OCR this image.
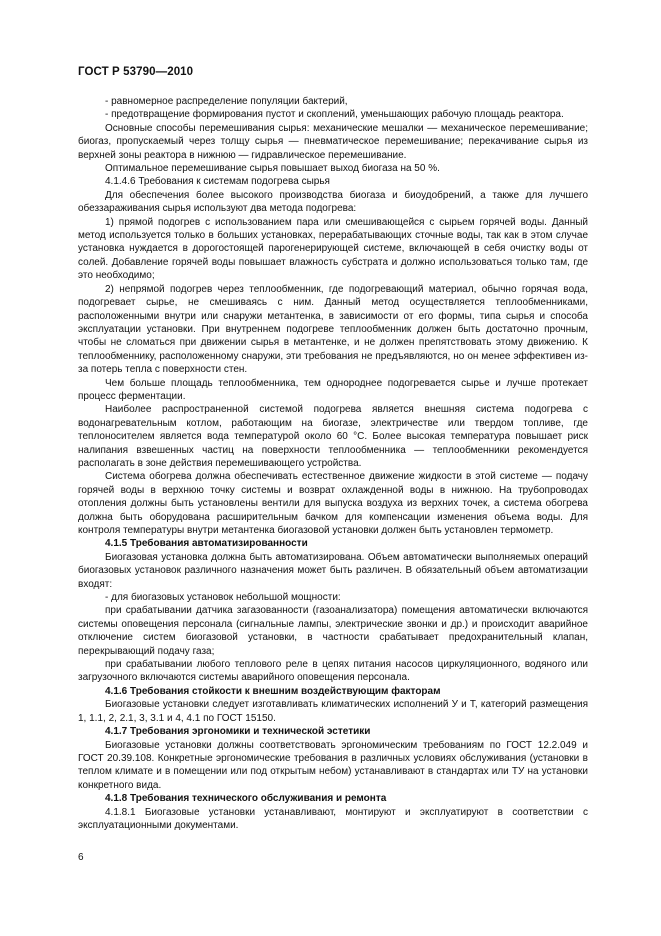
ГОСТ Р 53790—2010

- равномерное распределение популяции бактерий,

- предотвращение формирования пустот и скоплений, уменьшающих рабочую площадь реактора.

Основные способы перемешивания сырья: механические мешалки — механическое перемешивание; биогаз, пропускаемый через толщу сырья — пневматическое перемешивание; перекачивание сырья из верхней зоны реактора в нижнюю — гидравлическое перемешивание.

Оптимальное перемешивание сырья повышает выход биогаза на 50 %.

4.1.4.6 Требования к системам подогрева сырья

Для обеспечения более высокого производства биогаза и биоудобрений, а также для лучшего обеззараживания сырья используют два метода подогрева:

1) прямой подогрев с использованием пара или смешивающейся с сырьем горячей воды. Данный метод используется только в больших установках, перерабатывающих сточные воды, так как в этом случае установка нуждается в дорогостоящей парогенерирующей системе, включающей в себя очистку воды от солей. Добавление горячей воды повышает влажность субстрата и должно использоваться только там, где это необходимо;

2) непрямой подогрев через теплообменник, где подогревающий материал, обычно горячая вода, подогревает сырье, не смешиваясь с ним. Данный метод осуществляется теплообменниками, расположенными внутри или снаружи метантенка, в зависимости от его формы, типа сырья и способа эксплуатации установки. При внутреннем подогреве теплообменник должен быть достаточно прочным, чтобы не сломаться при движении сырья в метантенке, и не должен препятствовать этому движению. К теплообменнику, расположенному снаружи, эти требования не предъявляются, но он менее эффективен из-за потерь тепла с поверхности стен.

Чем больше площадь теплообменника, тем однороднее подогревается сырье и лучше протекает процесс ферментации.

Наиболее распространенной системой подогрева является внешняя система подогрева с водонагревательным котлом, работающим на биогазе, электричестве или твердом топливе, где теплоносителем является вода температурой около 60 °С. Более высокая температура повышает риск налипания взвешенных частиц на поверхности теплообменника — теплообменники рекомендуется располагать в зоне действия перемешивающего устройства.

Система обогрева должна обеспечивать естественное движение жидкости в этой системе — подачу горячей воды в верхнюю точку системы и возврат охлажденной воды в нижнюю. На трубопроводах отопления должны быть установлены вентили для выпуска воздуха из верхних точек, а система обогрева должна быть оборудована расширительным бачком для компенсации изменения объема воды. Для контроля температуры внутри метантенка биогазовой установки должен быть установлен термометр.

4.1.5 Требования автоматизированности

Биогазовая установка должна быть автоматизирована. Объем автоматически выполняемых операций биогазовых установок различного назначения может быть различен. В обязательный объем автоматизации входят:

- для биогазовых установок небольшой мощности:

при срабатывании датчика загазованности (газоанализатора) помещения автоматически включаются системы оповещения персонала (сигнальные лампы, электрические звонки и др.) и происходит аварийное отключение систем биогазовой установки, в частности срабатывает предохранительный клапан, перекрывающий подачу газа;

при срабатывании любого теплового реле в цепях питания насосов циркуляционного, водяного или загрузочного включаются системы аварийного оповещения персонала.

4.1.6 Требования стойкости к внешним воздействующим факторам

Биогазовые установки следует изготавливать климатических исполнений У и Т, категорий размещения 1, 1.1, 2, 2.1, 3, 3.1 и 4, 4.1 по ГОСТ 15150.

4.1.7 Требования эргономики и технической эстетики

Биогазовые установки должны соответствовать эргономическим требованиям по ГОСТ 12.2.049 и ГОСТ 20.39.108. Конкретные эргономические требования в различных условиях обслуживания (установки в теплом климате и в помещении или под открытым небом) устанавливают в стандартах или ТУ на установки конкретного вида.

4.1.8 Требования технического обслуживания и ремонта

4.1.8.1 Биогазовые установки устанавливают, монтируют и эксплуатируют в соответствии с эксплуатационными документами.

6
